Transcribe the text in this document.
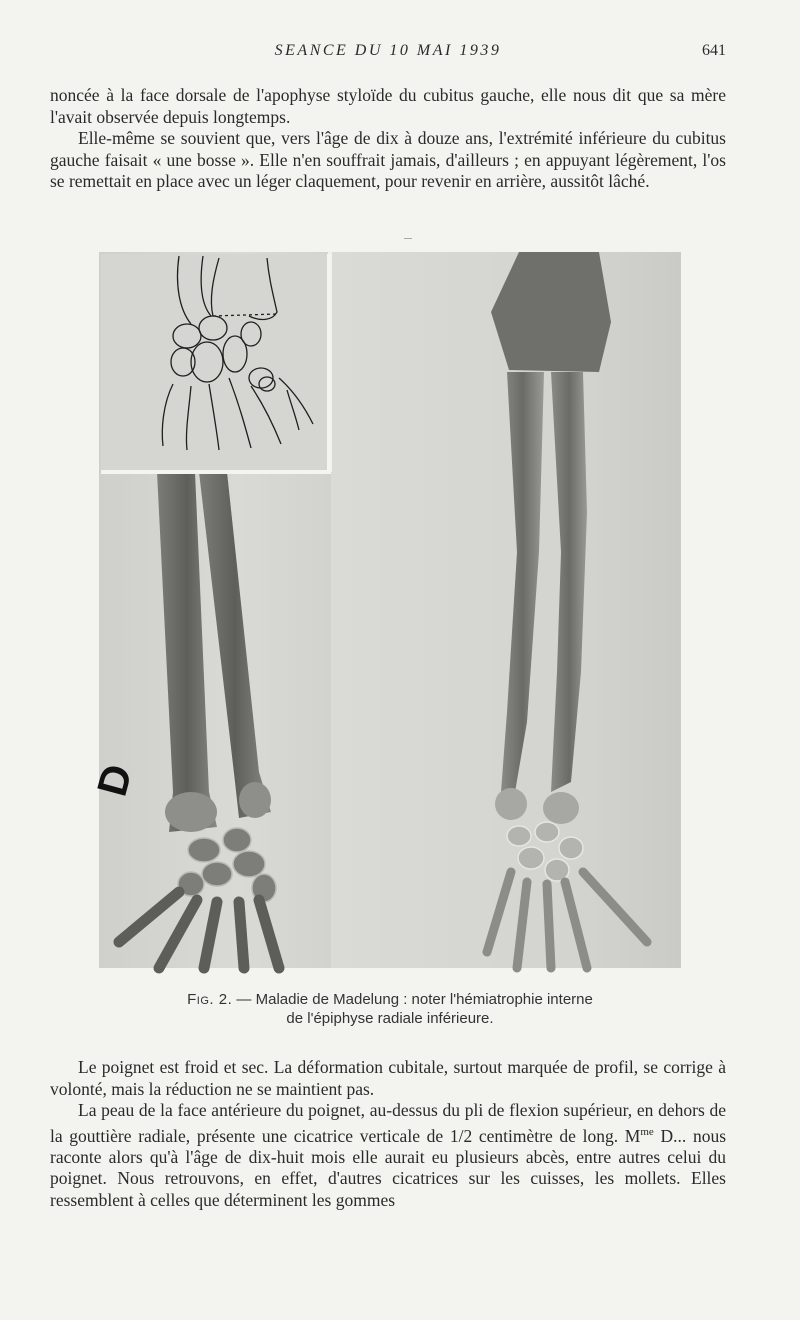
SEANCE DU 10 MAI 1939	641

noncée à la face dorsale de l'apophyse styloïde du cubitus gauche, elle nous dit que sa mère l'avait observée depuis longtemps.

Elle-même se souvient que, vers l'âge de dix à douze ans, l'extrémité inférieure du cubitus gauche faisait « une bosse ». Elle n'en souffrait jamais, d'ailleurs ; en appuyant légèrement, l'os se remettait en place avec un léger claquement, pour revenir en arrière, aussitôt lâché.

D
Fig. 2. — Maladie de Madelung : noter l'hémiatrophie interne
de l'épiphyse radiale inférieure.

Le poignet est froid et sec. La déformation cubitale, surtout marquée de profil, se corrige à volonté, mais la réduction ne se maintient pas.

La peau de la face antérieure du poignet, au-dessus du pli de flexion supérieur, en dehors de la gouttière radiale, présente une cicatrice verticale de 1/2 centimètre de long. $M^{me}$ D... nous raconte alors qu'à l'âge de dix-huit mois elle aurait eu plusieurs abcès, entre autres celui du poignet. Nous retrouvons, en effet, d'autres cicatrices sur les cuisses, les mollets. Elles ressemblent à celles que déterminent les gommes
